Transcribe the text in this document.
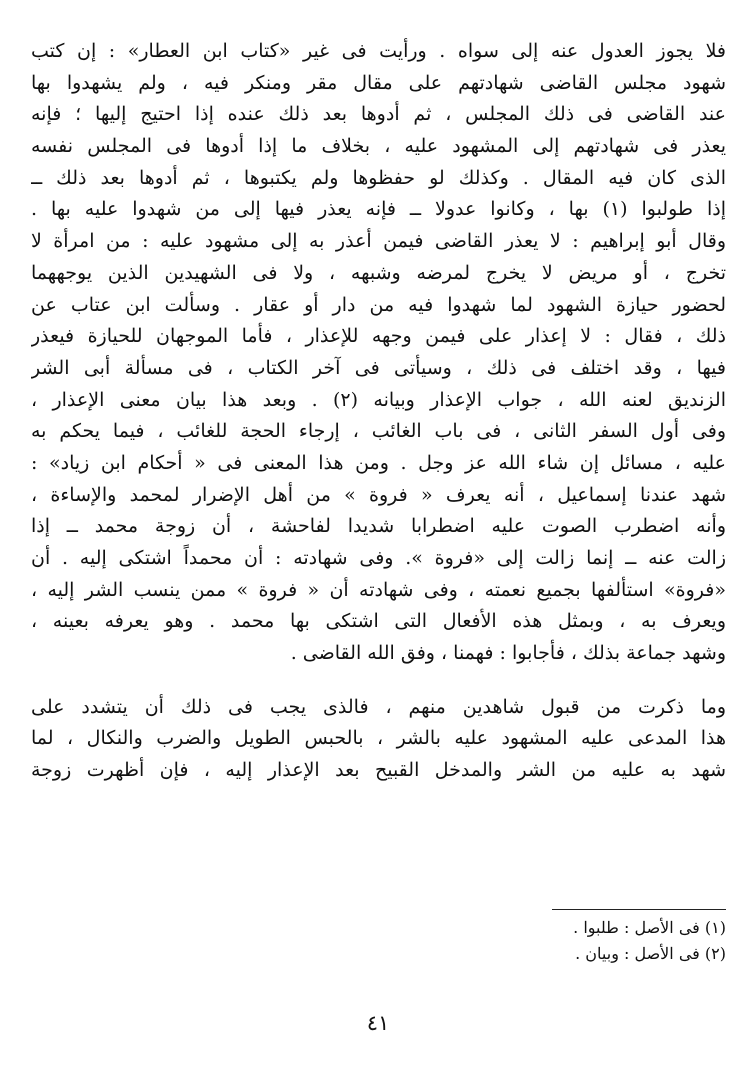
فلا يجوز العدول عنه إلى سواه . ورأيت فى غير «كتاب ابن العطار» : إن كتب
شهود مجلس القاضى شهادتهم على مقال مقر ومنكر فيه ، ولم يشهدوا بها
عند القاضى فى ذلك المجلس ، ثم أدوها بعد ذلك عنده إذا احتيج إليها ؛ فإنه
يعذر فى شهادتهم إلى المشهود عليه ، بخلاف ما إذا أدوها فى المجلس نفسه
الذى كان فيه المقال . وكذلك لو حفظوها ولم يكتبوها ، ثم أدوها بعد ذلك ــ
إذا طولبوا (١) بها ، وكانوا عدولا ــ فإنه يعذر فيها إلى من شهدوا عليه بها .
وقال أبو إبراهيم : لا يعذر القاضى فيمن أعذر به إلى مشهود عليه : من امرأة لا
تخرج ، أو مريض لا يخرج لمرضه وشبهه ، ولا فى الشهيدين الذين يوجههما
لحضور حيازة الشهود لما شهدوا فيه من دار أو عقار . وسألت ابن عتاب عن
ذلك ، فقال : لا إعذار على فيمن وجهه للإعذار ، فأما الموجهان للحيازة فيعذر
فيها ، وقد اختلف فى ذلك ، وسيأتى فى آخر الكتاب ، فى مسألة أبى الشر
الزنديق لعنه الله ، جواب الإعذار وبيانه (٢) . وبعد هذا بيان معنى الإعذار ،
وفى أول السفر الثانى ، فى باب الغائب ، إرجاء الحجة للغائب ، فيما يحكم به
عليه ، مسائل إن شاء الله عز وجل . ومن هذا المعنى فى « أحكام ابن زياد» :
شهد عندنا إسماعيل ، أنه يعرف « فروة » من أهل الإضرار لمحمد والإساءة ،
وأنه اضطرب الصوت عليه اضطرابا شديدا لفاحشة ، أن زوجة محمد ــ إذا
زالت عنه ــ إنما زالت إلى «فروة ». وفى شهادته : أن محمداً اشتكى إليه . أن
«فروة» استألفها بجميع نعمته ، وفى شهادته أن « فروة » ممن ينسب الشر إليه ،
ويعرف به ، وبمثل هذه الأفعال التى اشتكى بها محمد . وهو يعرفه بعينه ،
وشهد جماعة بذلك ، فأجابوا : فهمنا ، وفق الله القاضى .
وما ذكرت من قبول شاهدين منهم ، فالذى يجب فى ذلك أن يتشدد على
هذا المدعى عليه المشهود عليه بالشر ، بالحبس الطويل والضرب والنكال ، لما
شهد به عليه من الشر والمدخل القبيح بعد الإعذار إليه ، فإن أظهرت زوجة
(١) فى الأصل : طلبوا .
(٢) فى الأصل : وبيان .
٤١
